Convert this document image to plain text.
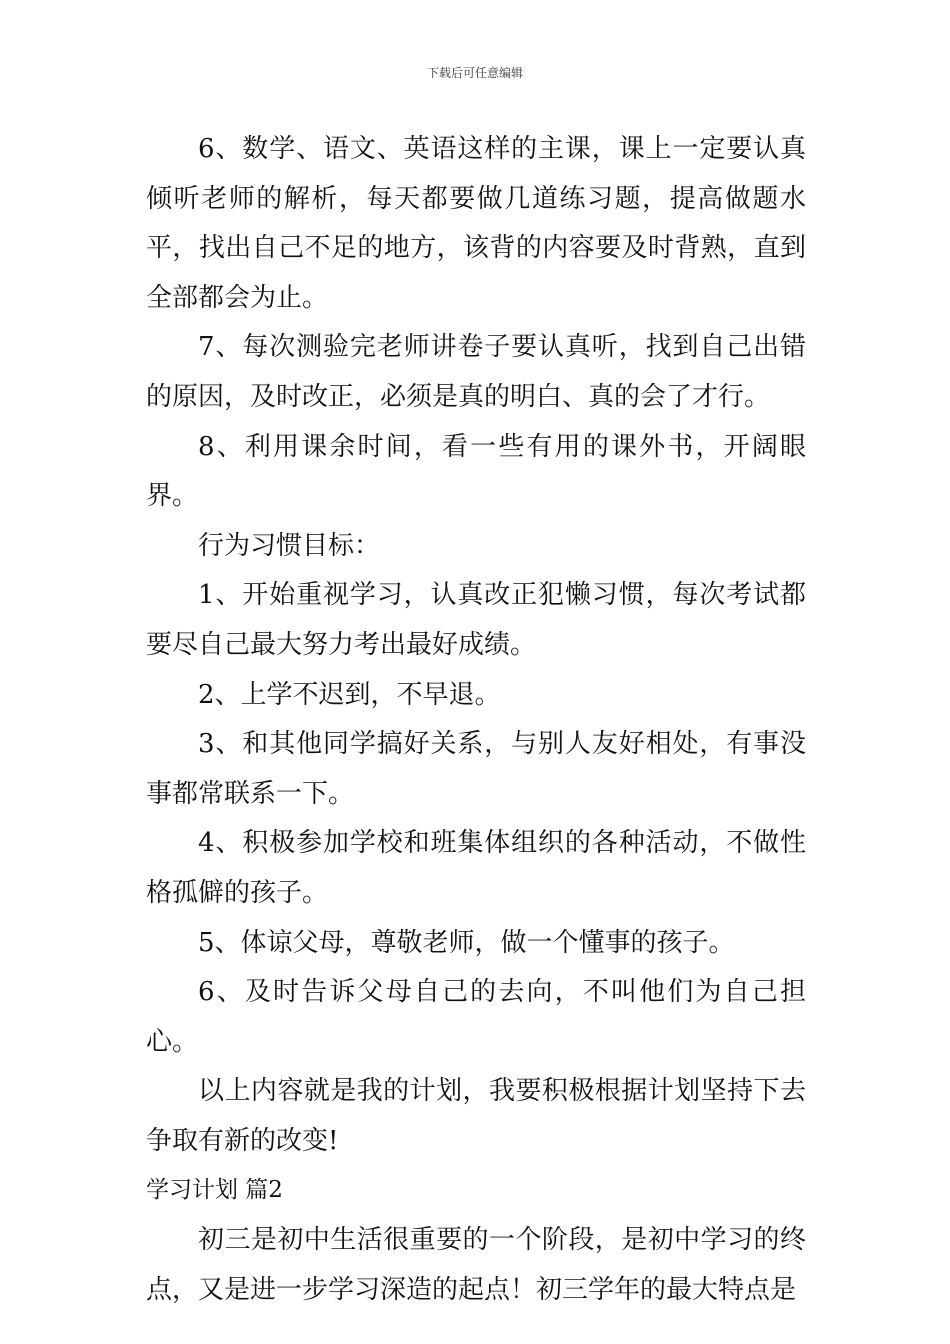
下载后可任意编辑

6、数学、语文、英语这样的主课，课上一定要认真倾听老师的解析，每天都要做几道练习题，提高做题水平，找出自己不足的地方，该背的内容要及时背熟，直到全部都会为止。

7、每次测验完老师讲卷子要认真听，找到自己出错的原因，及时改正，必须是真的明白、真的会了才行。

8、利用课余时间，看一些有用的课外书，开阔眼界。

行为习惯目标：

1、开始重视学习，认真改正犯懒习惯，每次考试都要尽自己最大努力考出最好成绩。

2、上学不迟到，不早退。

3、和其他同学搞好关系，与别人友好相处，有事没事都常联系一下。

4、积极参加学校和班集体组织的各种活动，不做性格孤僻的孩子。

5、体谅父母，尊敬老师，做一个懂事的孩子。

6、及时告诉父母自己的去向，不叫他们为自己担心。

以上内容就是我的计划，我要积极根据计划坚持下去争取有新的改变!

学习计划 篇2

初三是初中生活很重要的一个阶段，是初中学习的终点，又是进一步学习深造的起点！初三学年的最大特点是
